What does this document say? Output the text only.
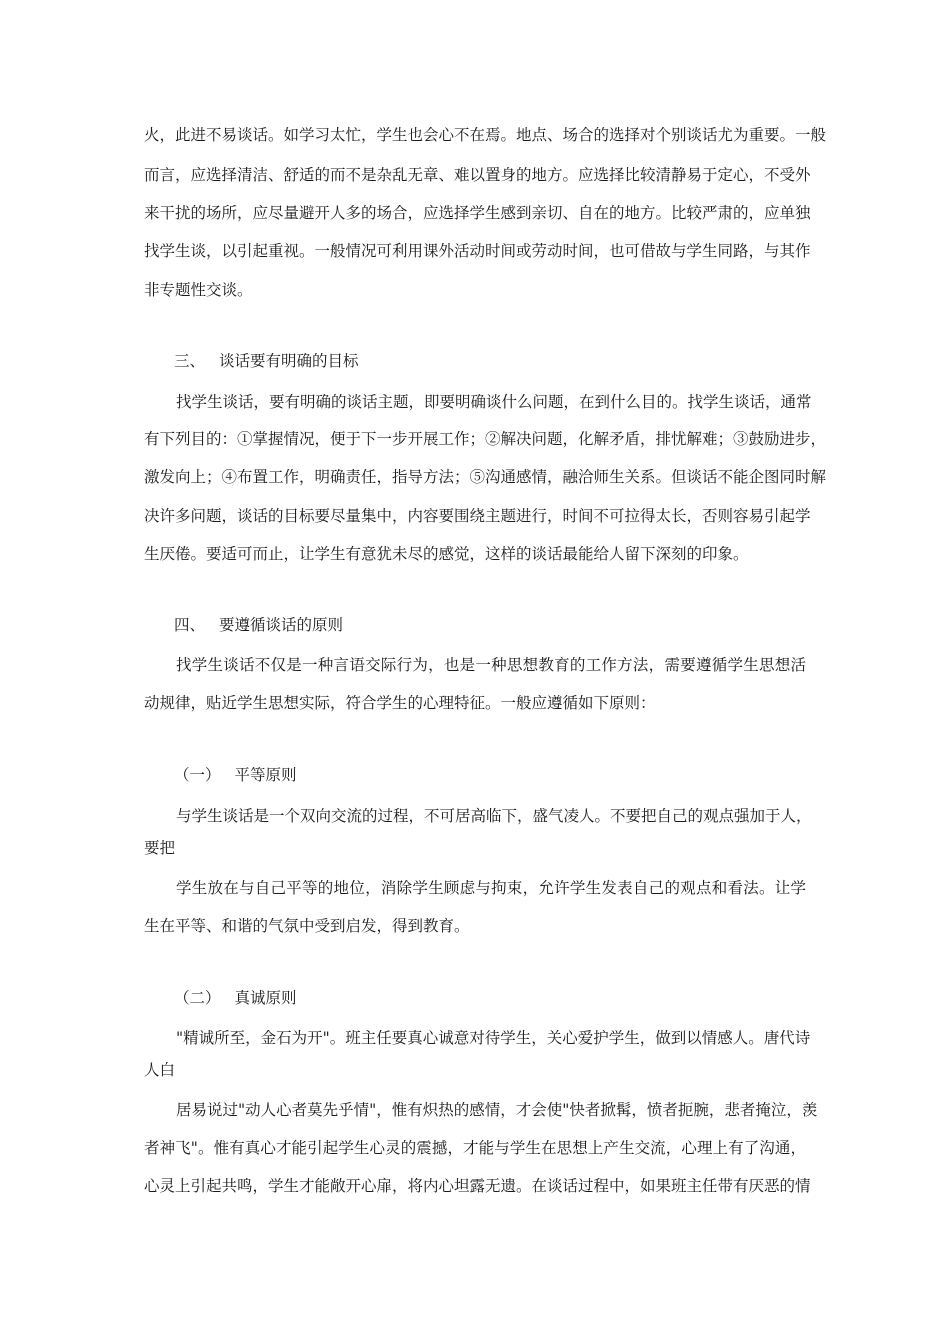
火，此进不易谈话。如学习太忙，学生也会心不在焉。地点、场合的选择对个别谈话尤为重要。一般
而言，应选择清洁、舒适的而不是杂乱无章、难以置身的地方。应选择比较清静易于定心，不受外
来干扰的场所，应尽量避开人多的场合，应选择学生感到亲切、自在的地方。比较严肃的，应单独
找学生谈，以引起重视。一般情况可利用课外活动时间或劳动时间，也可借故与学生同路，与其作
非专题性交谈。
三、 谈话要有明确的目标
找学生谈话，要有明确的谈话主题，即要明确谈什么问题，在到什么目的。找学生谈话，通常
有下列目的：①掌握情况，便于下一步开展工作；②解决问题，化解矛盾，排忧解难；③鼓励进步，
激发向上；④布置工作，明确责任，指导方法；⑤沟通感情，融洽师生关系。但谈话不能企图同时解
决许多问题，谈话的目标要尽量集中，内容要围绕主题进行，时间不可拉得太长，否则容易引起学
生厌倦。要适可而止，让学生有意犹未尽的感觉，这样的谈话最能给人留下深刻的印象。
四、 要遵循谈话的原则
找学生谈话不仅是一种言语交际行为，也是一种思想教育的工作方法，需要遵循学生思想活
动规律，贴近学生思想实际，符合学生的心理特征。一般应遵循如下原则：
（一） 平等原则
与学生谈话是一个双向交流的过程，不可居高临下，盛气凌人。不要把自己的观点强加于人，
要把
学生放在与自己平等的地位，消除学生顾虑与拘束，允许学生发表自己的观点和看法。让学
生在平等、和谐的气氛中受到启发，得到教育。
（二） 真诚原则
"精诚所至，金石为开"。班主任要真心诚意对待学生，关心爱护学生，做到以情感人。唐代诗
人白
居易说过"动人心者莫先乎情"，惟有炽热的感情，才会使"快者掀髯，愤者扼腕，悲者掩泣，羡
者神飞"。惟有真心才能引起学生心灵的震撼，才能与学生在思想上产生交流，心理上有了沟通，
心灵上引起共鸣，学生才能敞开心扉，将内心坦露无遗。在谈话过程中，如果班主任带有厌恶的情
